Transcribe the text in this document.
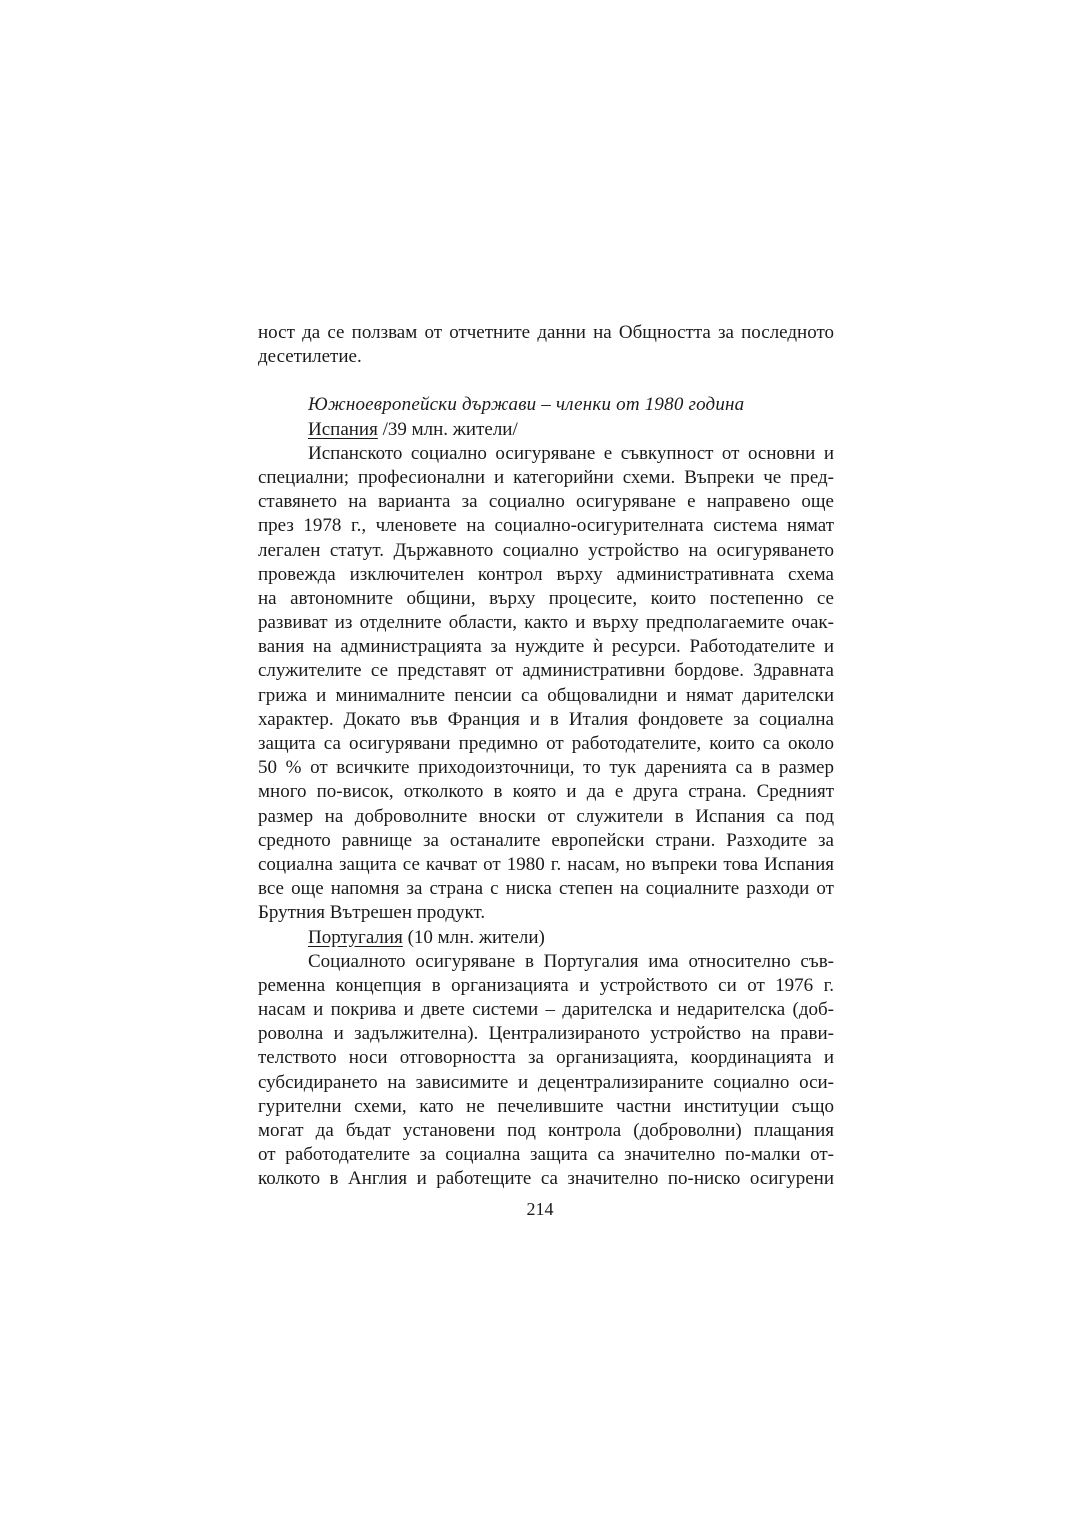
ност да се ползвам от отчетните данни на Общността за последното
десетилетие.
Южноевропейски държави – членки от 1980 година
Испания /39 млн. жители/
Испанското социално осигуряване е съвкупност от основни и
специални; професионални и категорийни схеми. Въпреки че пред-
ставянето на варианта за социално осигуряване е направено още
през 1978 г., членовете на социално-осигурителната система нямат
легален статут. Държавното социално устройство на осигуряването
провежда изключителен контрол върху административната схема
на автономните общини, върху процесите, които постепенно се
развиват из отделните области, както и върху предполагаемите очак-
вания на администрацията за нуждите ѝ ресурси. Работодателите и
служителите се представят от административни бордове. Здравната
грижа и минималните пенсии са общовалидни и нямат дарителски
характер. Докато във Франция и в Италия фондовете за социална
защита са осигурявани предимно от работодателите, които са около
50 % от всичките приходоизточници, то тук даренията са в размер
много по-висок, отколкото в която и да е друга страна. Средният
размер на доброволните вноски от служители в Испания са под
средното равнище за останалите европейски страни. Разходите за
социална защита се качват от 1980 г. насам, но въпреки това Испания
все още напомня за страна с ниска степен на социалните разходи от
Брутния Вътрешен продукт.
Португалия (10 млн. жители)
Социалното осигуряване в Португалия има относително съв-
ременна концепция в организацията и устройството си от 1976 г.
насам и покрива и двете системи – дарителска и недарителска (доб-
роволна и задължителна). Централизираното устройство на прави-
телството носи отговорността за организацията, координацията и
субсидирането на зависимите и децентрализираните социално оси-
гурителни схеми, като не печелившите частни институции също
могат да бъдат установени под контрола (доброволни) плащания
от работодателите за социална защита са значително по-малки от-
колкото в Англия и работещите са значително по-ниско осигурени
214
